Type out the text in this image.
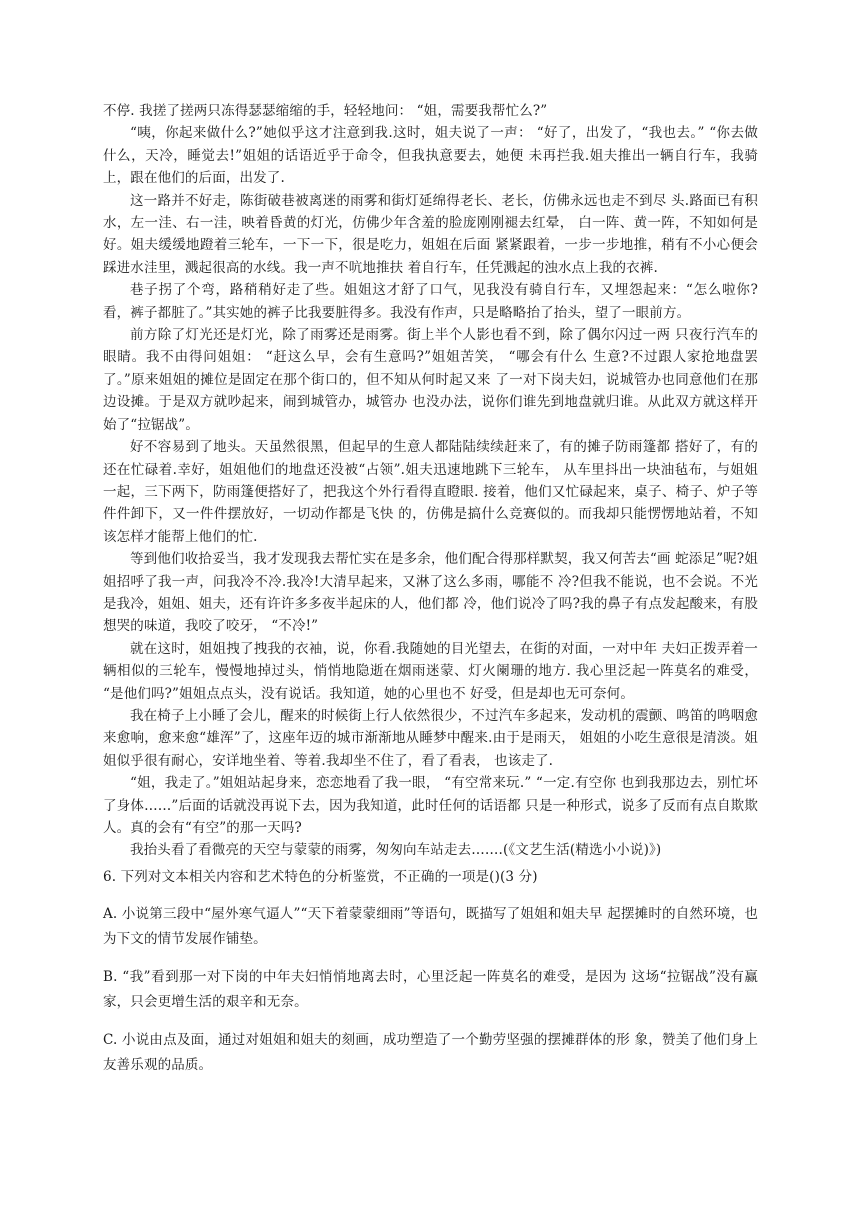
不停. 我搓了搓两只冻得瑟瑟缩缩的手，轻轻地问： “姐，需要我帮忙么?”

“咦，你起来做什么?”她似乎这才注意到我.这时，姐夫说了一声： “好了，出发了，“我也去。” “你去做什么，天冷，睡觉去!”姐姐的话语近乎于命令，但我执意要去，她便 未再拦我.姐夫推出一辆自行车，我骑上，跟在他们的后面，出发了.

这一路并不好走，陈街破巷被离迷的雨雾和街灯延绵得老长、老长，仿佛永远也走不到尽 头.路面已有积水，左一洼、右一洼，映着昏黄的灯光，仿佛少年含羞的脸庞刚刚褪去红晕， 白一阵、黄一阵，不知如何是好。姐夫缓缓地蹬着三轮车，一下一下，很是吃力，姐姐在后面 紧紧跟着，一步一步地推，稍有不小心便会踩进水洼里，溅起很高的水线。我一声不吭地推扶 着自行车，任凭溅起的浊水点上我的衣裤.

巷子拐了个弯，路稍稍好走了些。姐姐这才舒了口气，见我没有骑自行车，又埋怨起来：“怎么啦你?看，裤子都脏了。”其实她的裤子比我要脏得多。我没有作声，只是略略抬了抬头，望了一眼前方。

前方除了灯光还是灯光，除了雨雾还是雨雾。街上半个人影也看不到，除了偶尔闪过一两 只夜行汽车的眼睛。我不由得问姐姐： “赶这么早，会有生意吗?”姐姐苦笑， “哪会有什么 生意?不过跟人家抢地盘罢了。”原来姐姐的摊位是固定在那个街口的，但不知从何时起又来 了一对下岗夫妇，说城管办也同意他们在那边设摊。于是双方就吵起来，闹到城管办，城管办 也没办法，说你们谁先到地盘就归谁。从此双方就这样开始了“拉锯战”。

好不容易到了地头。天虽然很黑，但起早的生意人都陆陆续续赶来了，有的摊子防雨篷都 搭好了，有的还在忙碌着.幸好，姐姐他们的地盘还没被“占领”.姐夫迅速地跳下三轮车， 从车里抖出一块油毡布，与姐姐一起，三下两下，防雨篷便搭好了，把我这个外行看得直瞪眼. 接着，他们又忙碌起来，桌子、椅子、炉子等件件卸下，又一件件摆放好，一切动作都是飞快 的，仿佛是搞什么竞赛似的。而我却只能愣愣地站着，不知该怎样才能帮上他们的忙.

等到他们收拾妥当，我才发现我去帮忙实在是多余，他们配合得那样默契，我又何苦去“画 蛇添足”呢?姐姐招呼了我一声，问我冷不冷.我冷!大清早起来，又淋了这么多雨，哪能不 冷?但我不能说，也不会说。不光是我冷，姐姐、姐夫，还有许许多多夜半起床的人，他们都 冷，他们说冷了吗?我的鼻子有点发起酸来，有股想哭的味道，我咬了咬牙， “不冷!”

就在这时，姐姐拽了拽我的衣袖，说，你看.我随她的目光望去，在街的对面，一对中年 夫妇正拨弄着一辆相似的三轮车，慢慢地掉过头，悄悄地隐逝在烟雨迷蒙、灯火阑珊的地方. 我心里泛起一阵莫名的难受， “是他们吗?”姐姐点点头，没有说话。我知道，她的心里也不 好受，但是却也无可奈何。

我在椅子上小睡了会儿，醒来的时候街上行人依然很少，不过汽车多起来，发动机的震颤、鸣笛的鸣咽愈来愈响，愈来愈“雄浑”了，这座年迈的城市渐渐地从睡梦中醒来.由于是雨天， 姐姐的小吃生意很是清淡。姐姐似乎很有耐心，安详地坐着、等着.我却坐不住了，看了看表， 也该走了.

“姐，我走了。”姐姐站起身来，恋恋地看了我一眼， “有空常来玩.” “一定.有空你 也到我那边去，别忙坏了身体……”后面的话就没再说下去，因为我知道，此时任何的话语都 只是一种形式，说多了反而有点自欺欺人。真的会有“有空”的那一天吗?

我抬头看了看微亮的天空与蒙蒙的雨雾，匆匆向车站走去…….(《文艺生活(精选小小说)》)

6. 下列对文本相关内容和艺术特色的分析鉴赏，不正确的一项是()(3 分)

A. 小说第三段中“屋外寒气逼人”“天下着蒙蒙细雨”等语句，既描写了姐姐和姐夫早 起摆摊时的自然环境，也为下文的情节发展作铺垫。

B. “我”看到那一对下岗的中年夫妇悄悄地离去时，心里泛起一阵莫名的难受，是因为 这场“拉锯战”没有赢家，只会更增生活的艰辛和无奈。

C. 小说由点及面，通过对姐姐和姐夫的刻画，成功塑造了一个勤劳坚强的摆摊群体的形 象，赞美了他们身上友善乐观的品质。
